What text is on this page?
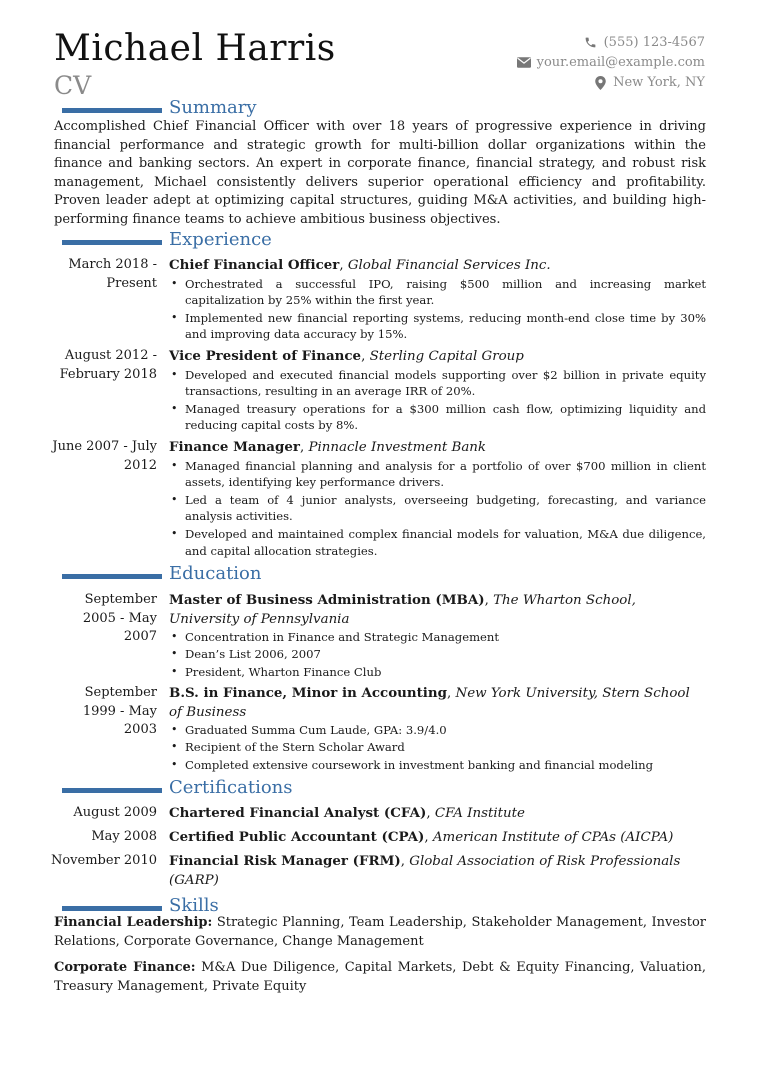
Michael Harris
CV
(555) 123-4567
your.email@example.com
New York, NY
Summary

Accomplished Chief Financial Officer with over 18 years of progressive experience in driving financial performance and strategic growth for multi-billion dollar organizations within the finance and banking sectors. An expert in corporate finance, financial strategy, and robust risk management, Michael consistently delivers superior operational efficiency and profitability. Proven leader adept at optimizing capital structures, guiding M&A activities, and building high-performing finance teams to achieve ambitious business objectives.

Experience
March 2018 - Present

Chief Financial Officer, Global Financial Services Inc.

• Orchestrated a successful IPO, raising $500 million and increasing market capitalization by 25% within the first year.
• Implemented new financial reporting systems, reducing month-end close time by 30% and improving data accuracy by 15%.
August 2012 - February 2018

Vice President of Finance, Sterling Capital Group

• Developed and executed financial models supporting over $2 billion in private equity transactions, resulting in an average IRR of 20%.
• Managed treasury operations for a $300 million cash flow, optimizing liquidity and reducing capital costs by 8%.
June 2007 - July 2012

Finance Manager, Pinnacle Investment Bank

• Managed financial planning and analysis for a portfolio of over $700 million in client assets, identifying key performance drivers.
• Led a team of 4 junior analysts, overseeing budgeting, forecasting, and variance analysis activities.
• Developed and maintained complex financial models for valuation, M&A due diligence, and capital allocation strategies.
Education
September 2005 - May 2007

Master of Business Administration (MBA), The Wharton School, University of Pennsylvania

• Concentration in Finance and Strategic Management
• Dean’s List 2006, 2007
• President, Wharton Finance Club
September 1999 - May 2003

B.S. in Finance, Minor in Accounting, New York University, Stern School of Business

• Graduated Summa Cum Laude, GPA: 3.9/4.0
• Recipient of the Stern Scholar Award
• Completed extensive coursework in investment banking and financial modeling
Certifications
August 2009 Chartered Financial Analyst (CFA), CFA Institute

May 2008 Certified Public Accountant (CPA), American Institute of CPAs (AICPA)

November 2010 Financial Risk Manager (FRM), Global Association of Risk Professionals (GARP)

Skills

Financial Leadership: Strategic Planning, Team Leadership, Stakeholder Management, Investor Relations, Corporate Governance, Change Management

Corporate Finance: M&A Due Diligence, Capital Markets, Debt & Equity Financing, Valuation, Treasury Management, Private Equity
